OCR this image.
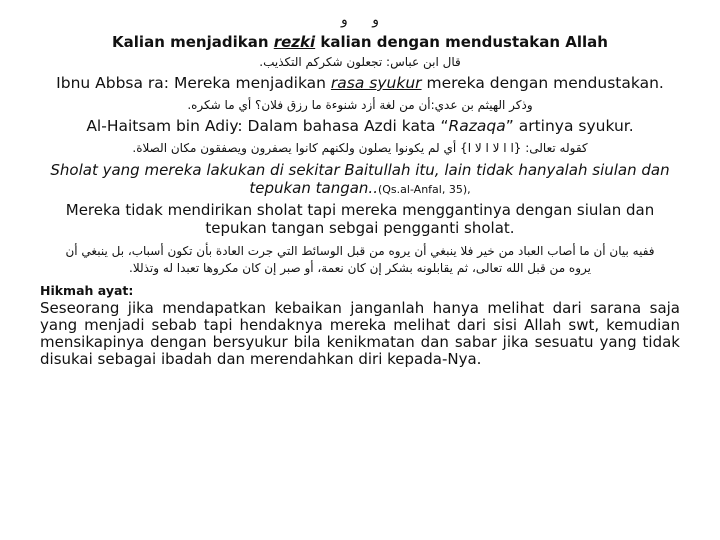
و و
Kalian menjadikan rezki kalian dengan mendustakan Allah
قال ابن عباس: تجعلون شكركم التكذيب.
Ibnu Abbsa ra: Mereka menjadikan rasa syukur mereka dengan mendustakan.
وذكر الهيثم بن عدي:أن من لغة أزد شنوءة ما رزق فلان؟ أي ما شكره.
Al-Haitsam bin Adiy: Dalam bahasa Azdi kata “Razaqa” artinya syukur.
كقوله تعالى: {ا ا لا ا لا ا} أي لم يكونوا يصلون ولكنهم كانوا يصفرون ويصفقون مكان الصلاة.
Sholat yang mereka lakukan di sekitar Baitullah itu, lain tidak hanyalah siulan dan
tepukan tangan..(Qs.al-Anfal, 35),
Mereka tidak mendirikan sholat tapi mereka menggantinya dengan siulan dan
tepukan tangan sebgai pengganti sholat.
ففيه بيان أن ما أصاب العباد من خير فلا ينبغي أن يروه من قبل الوسائط التي جرت العادة بأن تكون أسباب، بل ينبغي أن
يروه من قبل الله تعالى، ثم يقابلونه بشكر إن كان نعمة، أو صبر إن كان مكروها تعبدا له وتذللا.
Hikmah ayat:
Seseorang jika mendapatkan kebaikan janganlah hanya melihat dari sarana saja yang menjadi sebab tapi hendaknya mereka melihat dari sisi Allah swt, kemudian mensikapinya dengan bersyukur bila kenikmatan dan sabar jika sesuatu yang tidak disukai sebagai ibadah dan merendahkan diri kepada-Nya.
